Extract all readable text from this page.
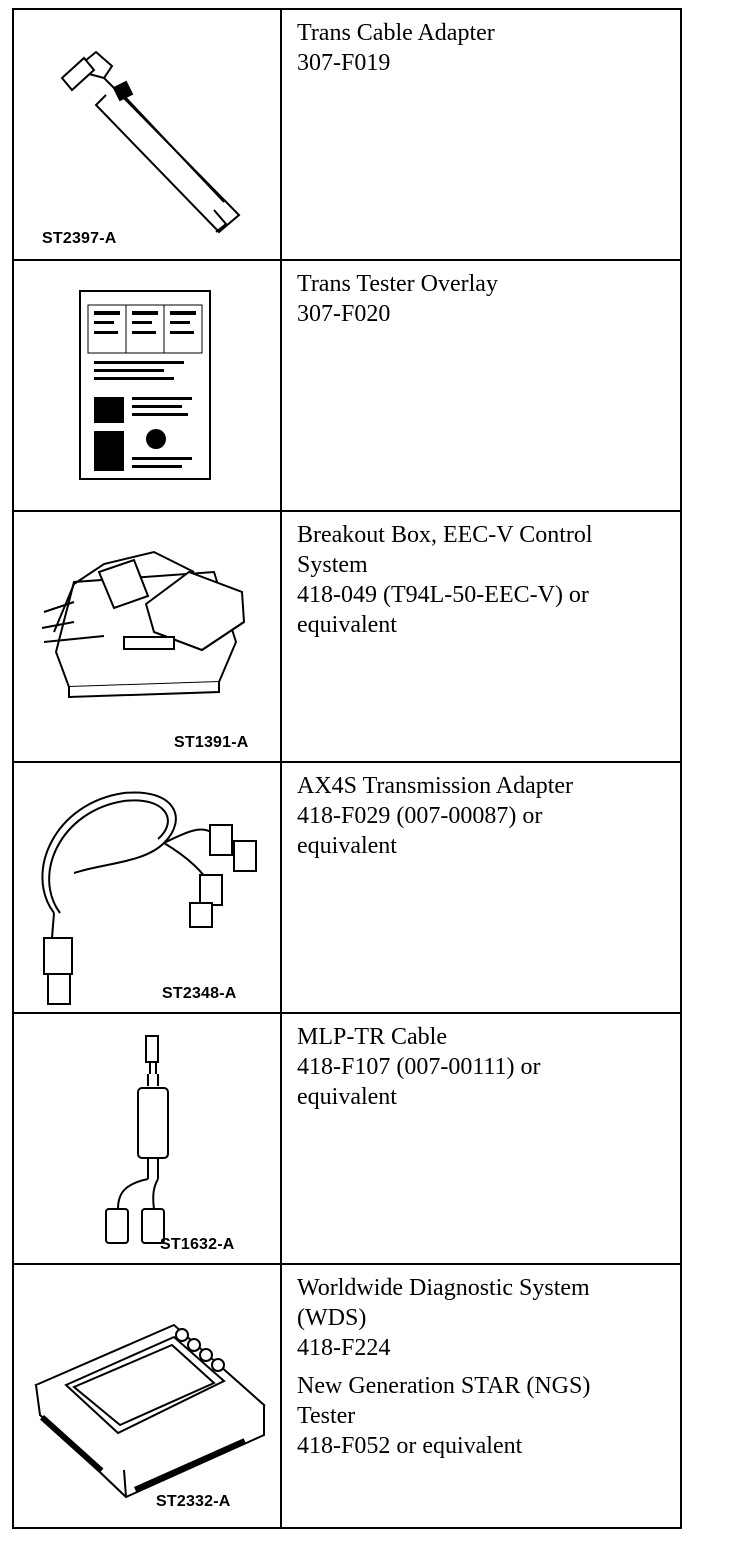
ST2397-A
Trans Cable Adapter
307-F019
Trans Tester Overlay
307-F020
ST1391-A
Breakout Box, EEC-V Control
System
418-049 (T94L-50-EEC-V) or
equivalent
ST2348-A
AX4S Transmission Adapter
418-F029 (007-00087) or
equivalent
ST1632-A
MLP-TR Cable
418-F107 (007-00111) or
equivalent
ST2332-A
Worldwide Diagnostic System
(WDS)
418-F224
New Generation STAR (NGS)
Tester
418-F052 or equivalent
